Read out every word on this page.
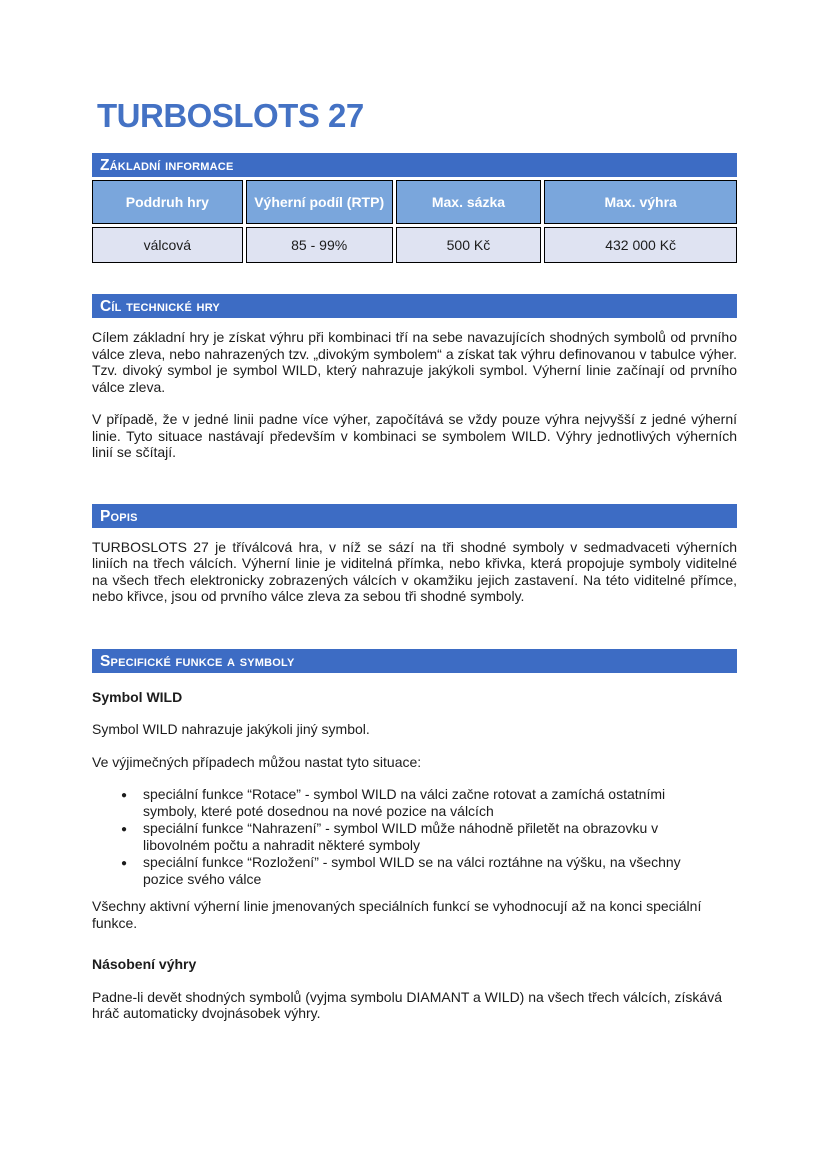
TURBOSLOTS 27
Základní informace
Poddruh hry	Výherní podíl (RTP)	Max. sázka	Max. výhra
válcová	85 - 99%	500 Kč	432 000 Kč
Cíl technické hry

Cílem základní hry je získat výhru při kombinaci tří na sebe navazujících shodných symbolů od prvního válce zleva, nebo nahrazených tzv. „divokým symbolem“ a získat tak výhru definovanou v tabulce výher. Tzv. divoký symbol je symbol WILD, který nahrazuje jakýkoli symbol. Výherní linie začínají od prvního válce zleva.

V případě, že v jedné linii padne více výher, započítává se vždy pouze výhra nejvyšší z jedné výherní linie. Tyto situace nastávají především v kombinaci se symbolem WILD. Výhry jednotlivých výherních linií se sčítají.

Popis

TURBOSLOTS 27 je tříválcová hra, v níž se sází na tři shodné symboly v sedmadvaceti výherních liniích na třech válcích. Výherní linie je viditelná přímka, nebo křivka, která propojuje symboly viditelné na všech třech elektronicky zobrazených válcích v okamžiku jejich zastavení. Na této viditelné přímce, nebo křivce, jsou od prvního válce zleva za sebou tři shodné symboly.

Specifické funkce a symboly
Symbol WILD

Symbol WILD nahrazuje jakýkoli jiný symbol.

Ve výjimečných případech můžou nastat tyto situace:

● speciální funkce “Rotace” - symbol WILD na válci začne rotovat a zamíchá ostatními symboly, které poté dosednou na nové pozice na válcích
● speciální funkce “Nahrazení” - symbol WILD může náhodně přiletět na obrazovku v libovolném počtu a nahradit některé symboly
● speciální funkce “Rozložení” - symbol WILD se na válci roztáhne na výšku, na všechny pozice svého válce

Všechny aktivní výherní linie jmenovaných speciálních funkcí se vyhodnocují až na konci speciální funkce.

Násobení výhry

Padne-li devět shodných symbolů (vyjma symbolu DIAMANT a WILD) na všech třech válcích, získává hráč automaticky dvojnásobek výhry.
